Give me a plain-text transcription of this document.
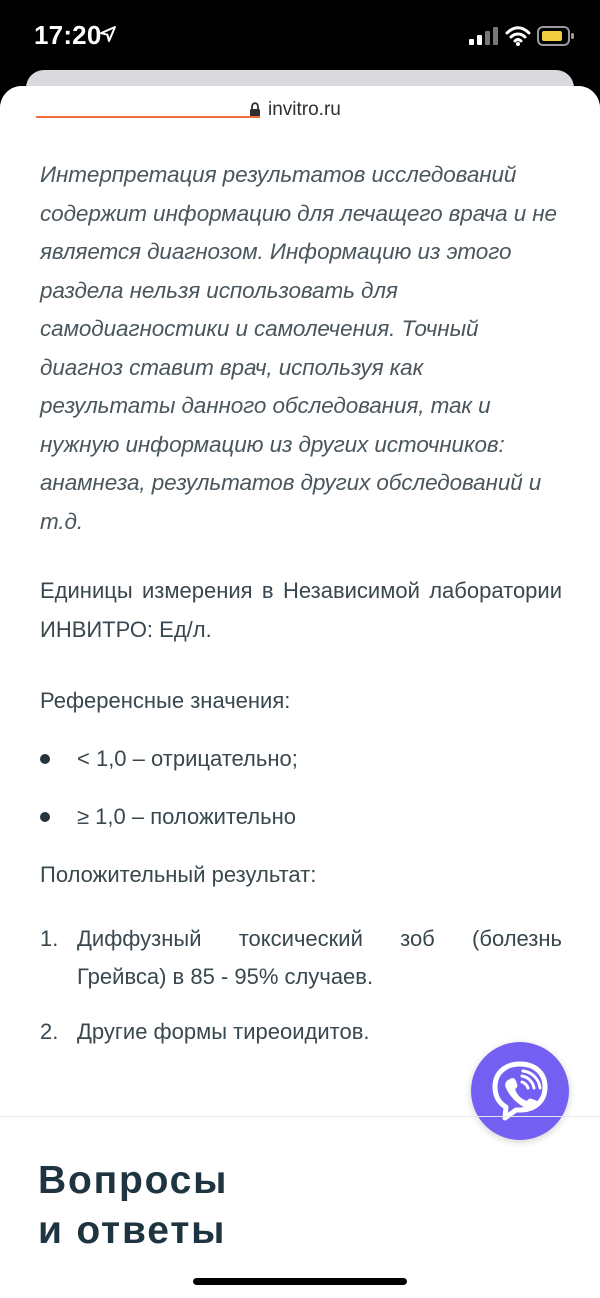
17:20
invitro.ru

Интерпретация результатов исследований содержит информацию для лечащего врача и не является диагнозом. Информацию из этого раздела нельзя использовать для самодиагностики и самолечения. Точный диагноз ставит врач, используя как результаты данного обследования, так и нужную информацию из других источников: анамнеза, результатов других обследований и т.д.

Единицы измерения в Независимой лаборатории ИНВИТРО: Ед/л.

Референсные значения:

< 1,0 – отрицательно;
≥ 1,0 – положительно

Положительный результат:

1. Диффузный токсический зоб (болезнь Грейвса) в 85 - 95% случаев.
2. Другие формы тиреоидитов.
Вопросы
и ответы
